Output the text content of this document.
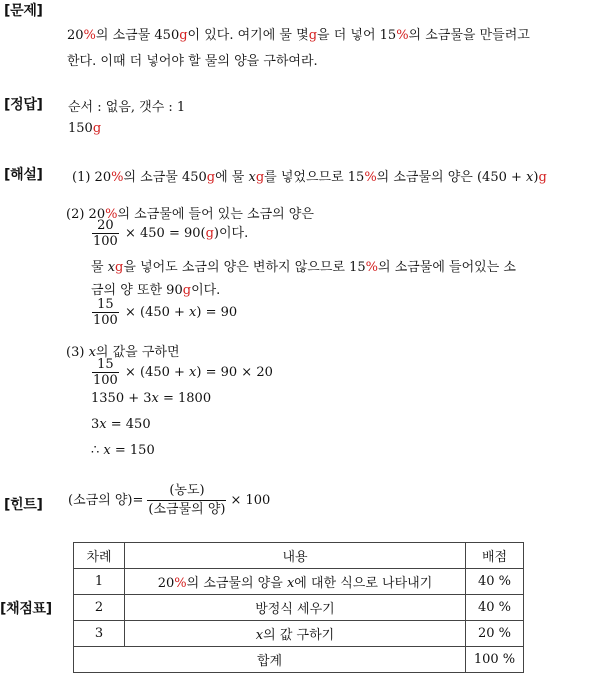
[문제]
20%의 소금물 450g이 있다. 여기에 물 몇g을 더 넣어 15%의 소금물을 만들려고
한다. 이때 더 넣어야 할 물의 양을 구하여라.
[정답] 순서 : 없음, 갯수 : 1
150g
[해설] (1) 20%의 소금물 450g에 물 xg를 넣었으므로 15%의 소금물의 양은 (450 + x)g
(2) 20%의 소금물에 들어 있는 소금의 양은
$\frac{20}{100} \times 450 = 90(g)$이다.
물 xg을 넣어도 소금의 양은 변하지 않으므로 15%의 소금물에 들어있는 소
금의 양 또한 90g이다.
$\frac{15}{100} \times (450 + x) = 90$
(3) x의 값을 구하면
$\frac{15}{100} \times (450 + x) = 90 \times 20$
1350 + 3x = 1800
3x = 450
∴ x = 150
[힌트] (소금의 양)= $\frac{\text{(농도)}}{\text{(소금물의 양)}} \times 100$
[채점표]
차례	내용	배점
1	20%의 소금물의 양을 x에 대한 식으로 나타내기	40 %
2	방정식 세우기	40 %
3	x의 값 구하기	20 %
합계		100 %
